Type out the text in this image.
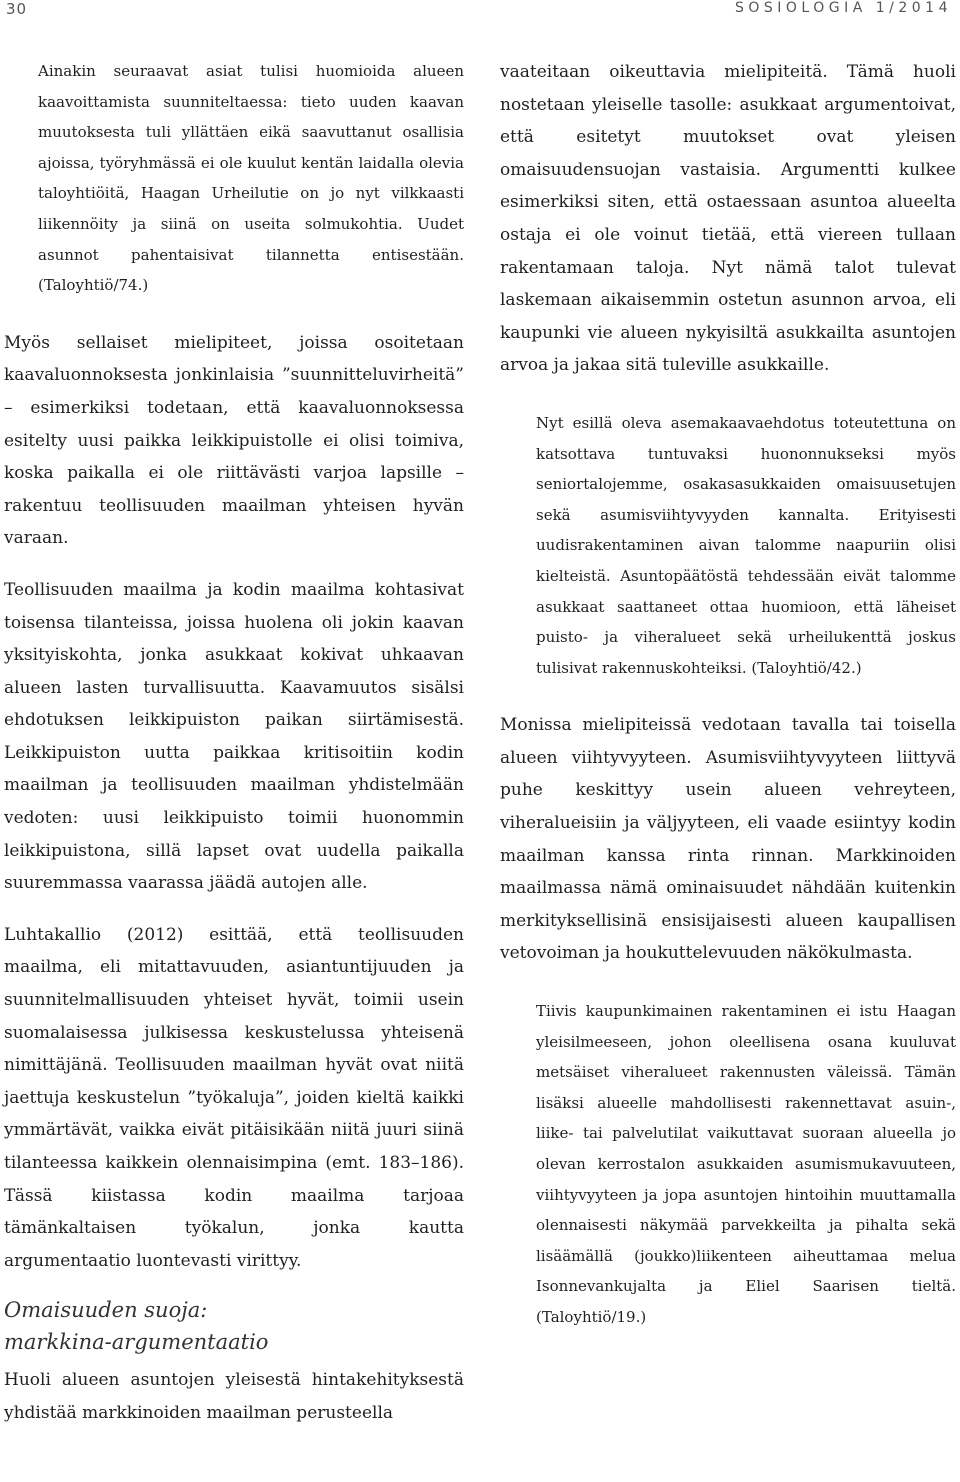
30	SOSIOLOGIA 1/2014

Ainakin seuraavat asiat tulisi huomioida alueen kaavoittamista suunniteltaessa: tieto uuden kaavan muutoksesta tuli yllättäen eikä saavuttanut osallisia ajoissa, työryhmässä ei ole kuulut kentän laidalla olevia taloyhtiöitä, Haagan Urheilutie on jo nyt vilkkaasti liikennöity ja siinä on useita solmukohtia. Uudet asunnot pahentaisivat tilannetta entisestään. (Taloyhtiö/74.)

Myös sellaiset mielipiteet, joissa osoitetaan kaavaluonnoksesta jonkinlaisia ”suunnitteluvirheitä” – esimerkiksi todetaan, että kaavaluonnoksessa esitelty uusi paikka leikkipuistolle ei olisi toimiva, koska paikalla ei ole riittävästi varjoa lapsille – rakentuu teollisuuden maailman yhteisen hyvän varaan.

Teollisuuden maailma ja kodin maailma kohtasivat toisensa tilanteissa, joissa huolena oli jokin kaavan yksityiskohta, jonka asukkaat kokivat uhkaavan alueen lasten turvallisuutta. Kaavamuutos sisälsi ehdotuksen leikkipuiston paikan siirtämisestä. Leikkipuiston uutta paikkaa kritisoitiin kodin maailman ja teollisuuden maailman yhdistelmään vedoten: uusi leikkipuisto toimii huonommin leikkipuistona, sillä lapset ovat uudella paikalla suuremmassa vaarassa jäädä autojen alle.

Luhtakallio (2012) esittää, että teollisuuden maailma, eli mitattavuuden, asiantuntijuuden ja suunnitelmallisuuden yhteiset hyvät, toimii usein suomalaisessa julkisessa keskustelussa yhteisenä nimittäjänä. Teollisuuden maailman hyvät ovat niitä jaettuja keskustelun ”työkaluja”, joiden kieltä kaikki ymmärtävät, vaikka eivät pitäisikään niitä juuri siinä tilanteessa kaikkein olennaisimpina (emt. 183–186). Tässä kiistassa kodin maailma tarjoaa tämänkaltaisen työkalun, jonka kautta argumentaatio luontevasti virittyy.

Omaisuuden suoja:

markkina-argumentaatio

Huoli alueen asuntojen yleisestä hintakehityksestä yhdistää markkinoiden maailman perusteella

vaateitaan oikeuttavia mielipiteitä. Tämä huoli nostetaan yleiselle tasolle: asukkaat argumentoivat, että esitetyt muutokset ovat yleisen omaisuudensuojan vastaisia. Argumentti kulkee esimerkiksi siten, että ostaessaan asuntoa alueelta ostaja ei ole voinut tietää, että viereen tullaan rakentamaan taloja. Nyt nämä talot tulevat laskemaan aikaisemmin ostetun asunnon arvoa, eli kaupunki vie alueen nykyisiltä asukkailta asuntojen arvoa ja jakaa sitä tuleville asukkaille.

Nyt esillä oleva asemakaavaehdotus toteutettuna on katsottava tuntuvaksi huononnukseksi myös seniortalojemme, osakasasukkaiden omaisuusetujen sekä asumisviihtyvyyden kannalta. Erityisesti uudisrakentaminen aivan talomme naapuriin olisi kielteistä. Asuntopäätöstä tehdessään eivät talomme asukkaat saattaneet ottaa huomioon, että läheiset puisto- ja viheralueet sekä urheilukenttä joskus tulisivat rakennuskohteiksi. (Taloyhtiö/42.)

Monissa mielipiteissä vedotaan tavalla tai toisella alueen viihtyvyyteen. Asumisviihtyvyyteen liittyvä puhe keskittyy usein alueen vehreyteen, viheralueisiin ja väljyyteen, eli vaade esiintyy kodin maailman kanssa rinta rinnan. Markkinoiden maailmassa nämä ominaisuudet nähdään kuitenkin merkityksellisinä ensisijaisesti alueen kaupallisen vetovoiman ja houkuttelevuuden näkökulmasta.

Tiivis kaupunkimainen rakentaminen ei istu Haagan yleisilmeeseen, johon oleellisena osana kuuluvat metsäiset viheralueet rakennusten väleissä. Tämän lisäksi alueelle mahdollisesti rakennettavat asuin-, liike- tai palvelutilat vaikuttavat suoraan alueella jo olevan kerrostalon asukkaiden asumismukavuuteen, viihtyvyyteen ja jopa asuntojen hintoihin muuttamalla olennaisesti näkymää parvekkeilta ja pihalta sekä lisäämällä (joukko)liikenteen aiheuttamaa melua Isonnevankujalta ja Eliel Saarisen tieltä. (Taloyhtiö/19.)
